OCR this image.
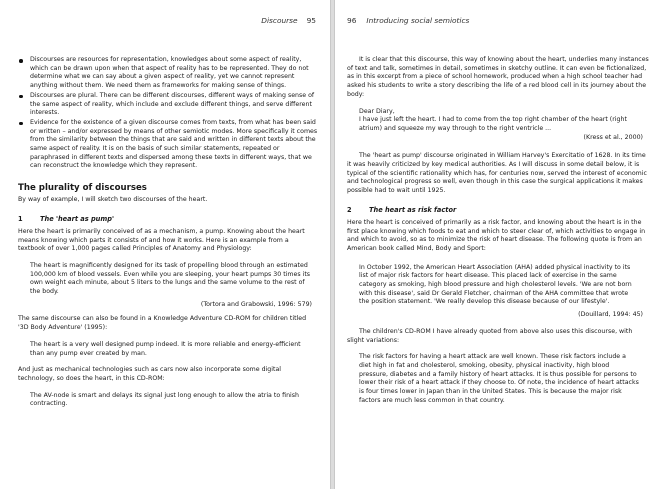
Discourse 95
Discourses are resources for representation, knowledges about some aspect of reality, which can be drawn upon when that aspect of reality has to be represented. They do not determine what we can say about a given aspect of reality, yet we cannot represent anything without them. We need them as frameworks for making sense of things.
Discourses are plural. There can be different discourses, different ways of making sense of the same aspect of reality, which include and exclude different things, and serve different interests.
Evidence for the existence of a given discourse comes from texts, from what has been said or written – and/or expressed by means of other semiotic modes. More specifically it comes from the similarity between the things that are said and written in different texts about the same aspect of reality. It is on the basis of such similar statements, repeated or paraphrased in different texts and dispersed among these texts in different ways, that we can reconstruct the knowledge which they represent.
The plurality of discourses

By way of example, I will sketch two discourses of the heart.

1	The 'heart as pump'

Here the heart is primarily conceived of as a mechanism, a pump. Knowing about the heart means knowing which parts it consists of and how it works. Here is an example from a textbook of over 1,000 pages called Principles of Anatomy and Physiology:

The heart is magnificently designed for its task of propelling blood through an estimated 100,000 km of blood vessels. Even while you are sleeping, your heart pumps 30 times its own weight each minute, about 5 liters to the lungs and the same volume to the rest of the body.

(Tortora and Grabowski, 1996: 579)

The same discourse can also be found in a Knowledge Adventure CD-ROM for children titled '3D Body Adventure' (1995):

The heart is a very well designed pump indeed. It is more reliable and energy-efficient than any pump ever created by man.

And just as mechanical technologies such as cars now also incorporate some digital technology, so does the heart, in this CD-ROM:

The AV-node is smart and delays its signal just long enough to allow the atria to finish contracting.

96 Introducing social semiotics

It is clear that this discourse, this way of knowing about the heart, underlies many instances of text and talk, sometimes in detail, sometimes in sketchy outline. It can even be fictionalized, as in this excerpt from a piece of school homework, produced when a high school teacher had asked his students to write a story describing the life of a red blood cell in its journey about the body:

Dear Diary,

I have just left the heart. I had to come from the top right chamber of the heart (right atrium) and squeeze my way through to the right ventricle ...

(Kress et al., 2000)

The 'heart as pump' discourse originated in William Harvey's Exercitatio of 1628. In its time it was heavily criticized by key medical authorities. As I will discuss in some detail below, it is typical of the scientific rationality which has, for centuries now, served the interest of economic and technological progress so well, even though in this case the surgical applications it makes possible had to wait until 1925.

2	The heart as risk factor

Here the heart is conceived of primarily as a risk factor, and knowing about the heart is in the first place knowing which foods to eat and which to steer clear of, which activities to engage in and which to avoid, so as to minimize the risk of heart disease. The following quote is from an American book called Mind, Body and Sport:

In October 1992, the American Heart Association (AHA) added physical inactivity to its list of major risk factors for heart disease. This placed lack of exercise in the same category as smoking, high blood pressure and high cholesterol levels. 'We are not born with this disease', said Dr Gerald Fletcher, chairman of the AHA committee that wrote the position statement. 'We really develop this disease because of our lifestyle'.

(Douillard, 1994: 45)

The children's CD-ROM I have already quoted from above also uses this discourse, with slight variations:

The risk factors for having a heart attack are well known. These risk factors include a diet high in fat and cholesterol, smoking, obesity, physical inactivity, high blood pressure, diabetes and a family history of heart attacks. It is thus possible for persons to lower their risk of a heart attack if they choose to. Of note, the incidence of heart attacks is four times lower in Japan than in the United States. This is because the major risk factors are much less common in that country.
